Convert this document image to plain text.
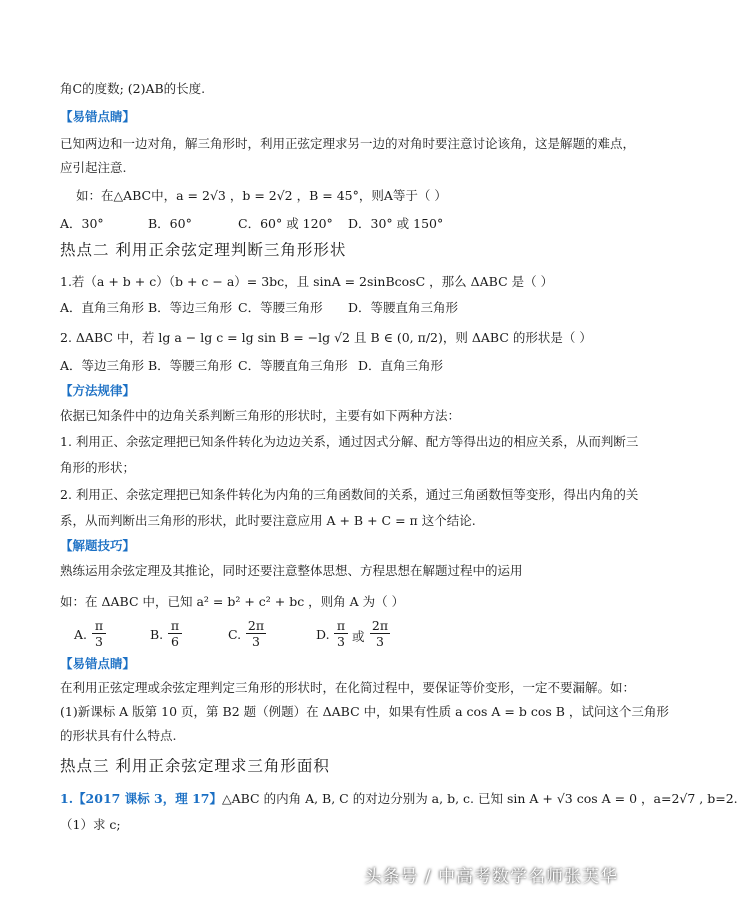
角C的度数; (2)AB的长度.
【易错点睛】
已知两边和一边对角，解三角形时，利用正弦定理求另一边的对角时要注意讨论该角，这是解题的难点，
应引起注意.
如：在△ABC中，a = 2√3 ，b = 2√2 ，B = 45°，则A等于（ ）
A．30°	B．60°	C．60° 或 120° D．30° 或 150°
热点二 利用正余弦定理判断三角形形状
1.若（a + b + c）（b + c − a）= 3bc，且 sinA = 2sinBcosC ，那么 ΔABC 是（ ）
A．直角三角形 B．等边三角形 C．等腰三角形 D．等腰直角三角形
2. ΔABC 中，若 lg a − lg c = lg sin B = −lg √2 且 B ∈ (0, π/2)，则 ΔABC 的形状是（ ）
A．等边三角形 B．等腰三角形 C．等腰直角三角形 D．直角三角形
【方法规律】
依据已知条件中的边角关系判断三角形的形状时，主要有如下两种方法：
1. 利用正、余弦定理把已知条件转化为边边关系，通过因式分解、配方等得出边的相应关系，从而判断三
角形的形状；
2. 利用正、余弦定理把已知条件转化为内角的三角函数间的关系，通过三角函数恒等变形，得出内角的关
系，从而判断出三角形的形状，此时要注意应用 A + B + C = π 这个结论.
【解题技巧】
熟练运用余弦定理及其推论，同时还要注意整体思想、方程思想在解题过程中的运用
如：在 ΔABC 中，已知 a² = b² + c² + bc ，则角 A 为（ ）
A. $\frac{\pi}{3}$	B. $\frac{\pi}{6}$	C. $\frac{2\pi}{3}$	D. $\frac{\pi}{3}$ 或 $\frac{2\pi}{3}$
【易错点睛】
在利用正弦定理或余弦定理判定三角形的形状时，在化简过程中，要保证等价变形，一定不要漏解。如：
(1)新课标 A 版第 10 页，第 B2 题（例题）在 ΔABC 中，如果有性质 a cos A = b cos B ，试问这个三角形
的形状具有什么特点.
热点三 利用正余弦定理求三角形面积
1.【2017 课标 3，理 17】△ABC 的内角 A, B, C 的对边分别为 a, b, c. 已知 sin A + √3 cos A = 0 ，a=2√7 , b=2.
（1）求 c;
头条号 / 中高考数学名师张芙华
